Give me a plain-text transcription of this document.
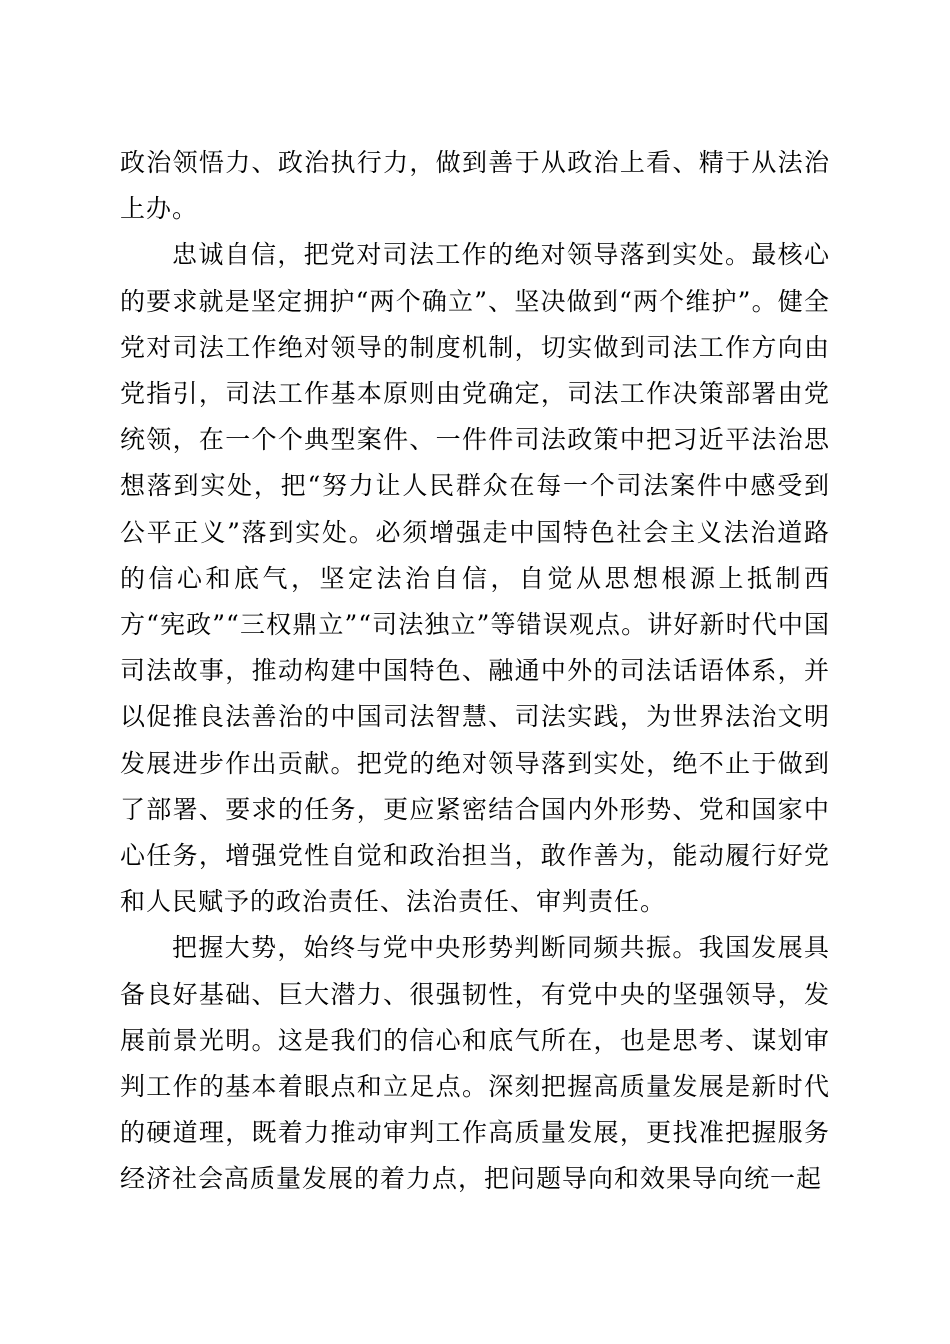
政治领悟力、政治执行力，做到善于从政治上看、精于从法治上办。

忠诚自信，把党对司法工作的绝对领导落到实处。最核心的要求就是坚定拥护“两个确立”、坚决做到“两个维护”。健全党对司法工作绝对领导的制度机制，切实做到司法工作方向由党指引，司法工作基本原则由党确定，司法工作决策部署由党统领，在一个个典型案件、一件件司法政策中把习近平法治思想落到实处，把“努力让人民群众在每一个司法案件中感受到公平正义”落到实处。必须增强走中国特色社会主义法治道路的信心和底气，坚定法治自信，自觉从思想根源上抵制西方“宪政”“三权鼎立”“司法独立”等错误观点。讲好新时代中国司法故事，推动构建中国特色、融通中外的司法话语体系，并以促推良法善治的中国司法智慧、司法实践，为世界法治文明发展进步作出贡献。把党的绝对领导落到实处，绝不止于做到了部署、要求的任务，更应紧密结合国内外形势、党和国家中心任务，增强党性自觉和政治担当，敢作善为，能动履行好党和人民赋予的政治责任、法治责任、审判责任。

把握大势，始终与党中央形势判断同频共振。我国发展具备良好基础、巨大潜力、很强韧性，有党中央的坚强领导，发展前景光明。这是我们的信心和底气所在，也是思考、谋划审判工作的基本着眼点和立足点。深刻把握高质量发展是新时代的硬道理，既着力推动审判工作高质量发展，更找准把握服务经济社会高质量发展的着力点，把问题导向和效果导向统一起
